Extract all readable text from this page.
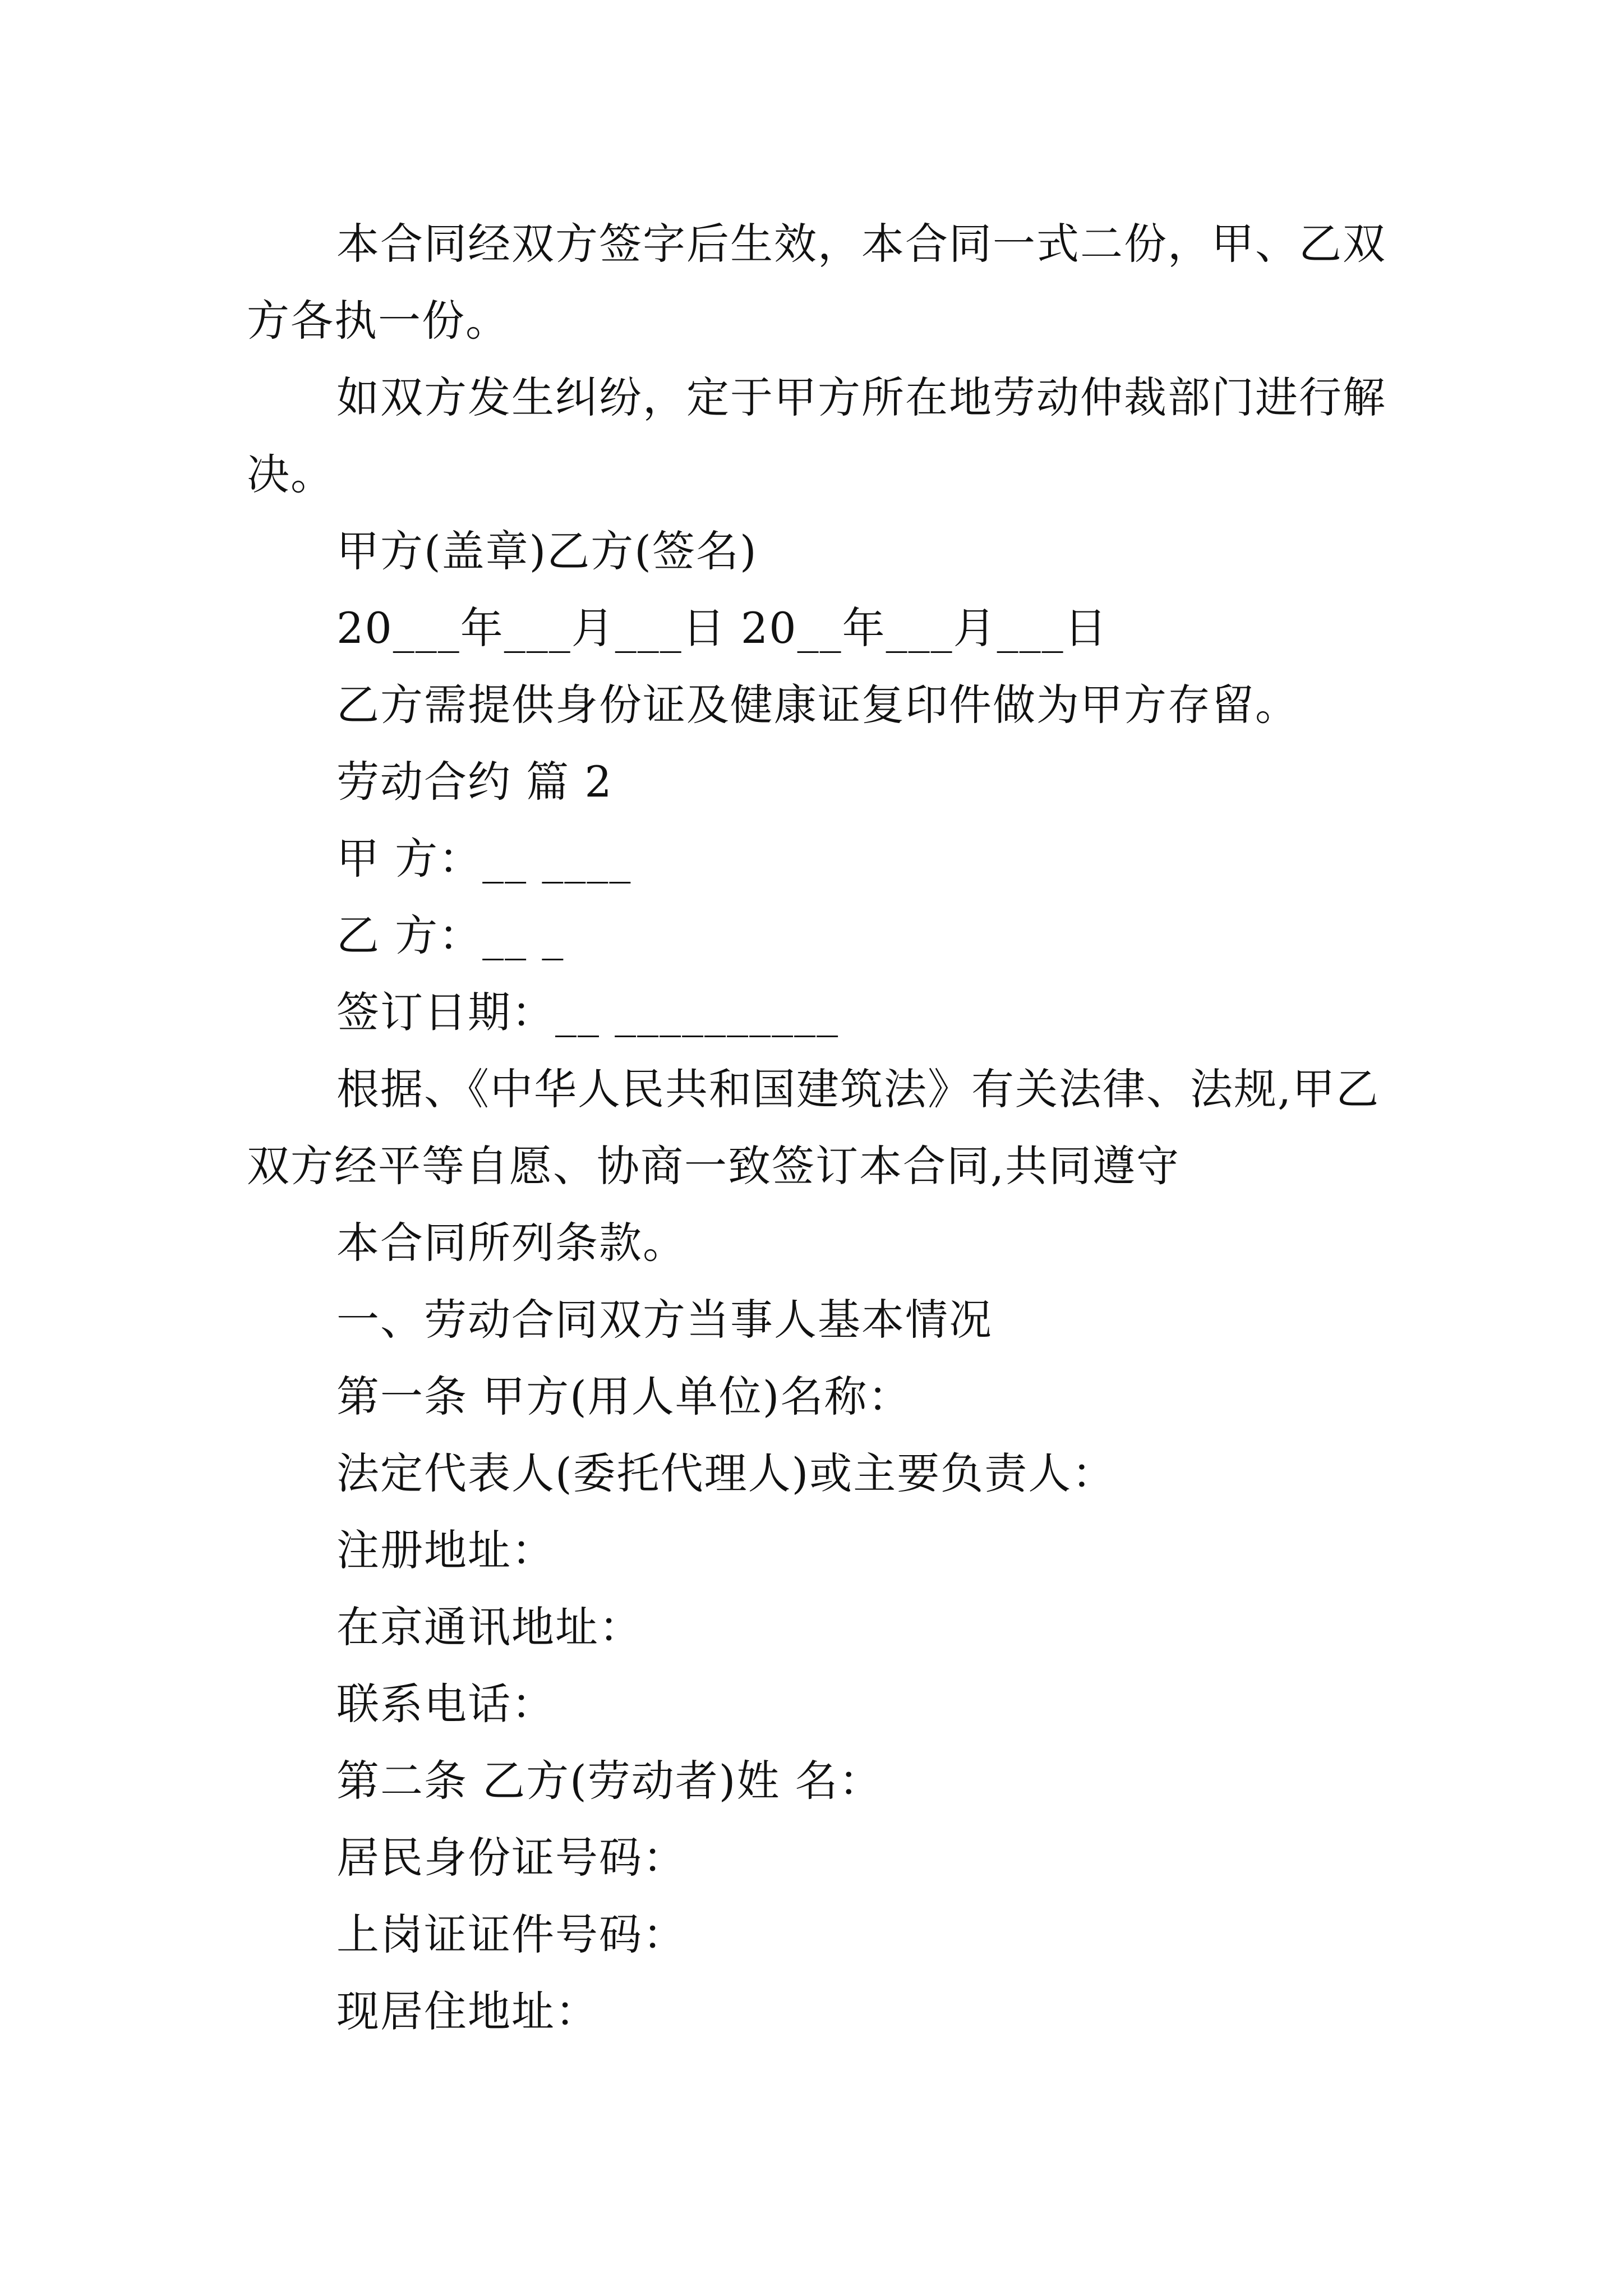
本合同经双方签字后生效，本合同一式二份，甲、乙双
方各执一份。
如双方发生纠纷，定于甲方所在地劳动仲裁部门进行解
决。
甲方(盖章)乙方(签名)
20___年___月___日 20__年___月___日
乙方需提供身份证及健康证复印件做为甲方存留。
劳动合约 篇 2
甲 方：__ ____
乙 方：__ _
签订日期：__ __________
根据、《中华人民共和国建筑法》有关法律、法规,甲乙
双方经平等自愿、协商一致签订本合同,共同遵守
本合同所列条款。
一、劳动合同双方当事人基本情况
第一条 甲方(用人单位)名称：
法定代表人(委托代理人)或主要负责人：
注册地址：
在京通讯地址：
联系电话：
第二条 乙方(劳动者)姓 名：
居民身份证号码：
上岗证证件号码：
现居住地址：
